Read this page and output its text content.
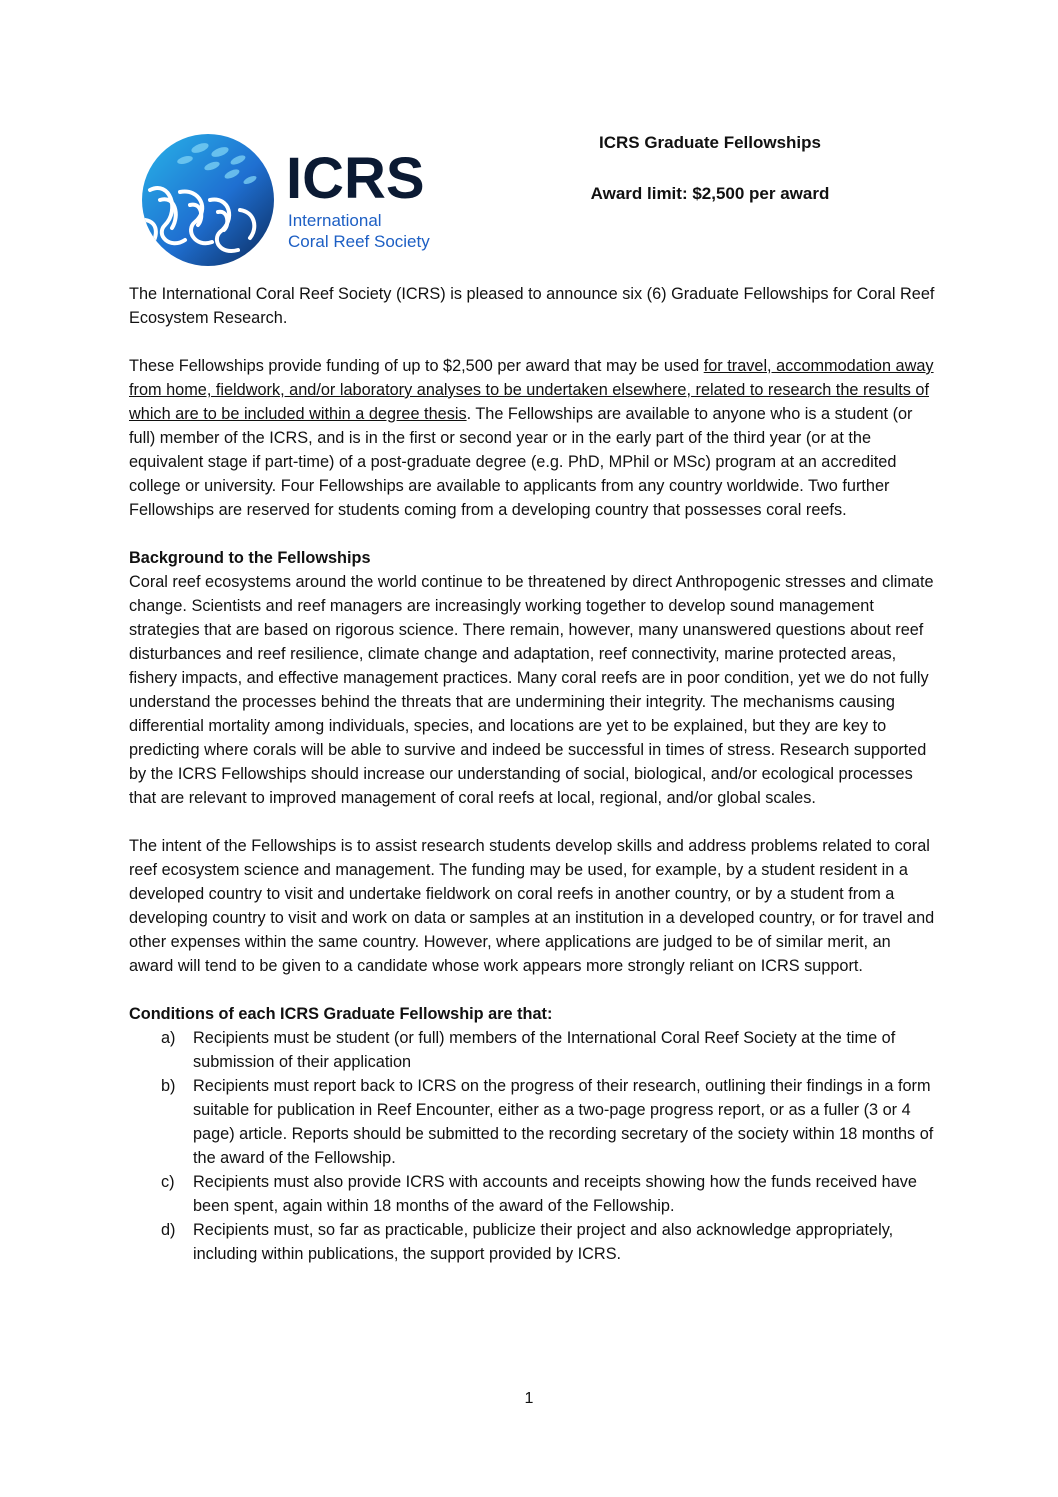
ICRS
International
Coral Reef Society
ICRS Graduate Fellowships
Award limit: $2,500 per award

The International Coral Reef Society (ICRS) is pleased to announce six (6) Graduate Fellowships for Coral Reef Ecosystem Research.

These Fellowships provide funding of up to $2,500 per award that may be used for travel, accommodation away from home, fieldwork, and/or laboratory analyses to be undertaken elsewhere, related to research the results of which are to be included within a degree thesis. The Fellowships are available to anyone who is a student (or full) member of the ICRS, and is in the first or second year or in the early part of the third year (or at the equivalent stage if part-time) of a post-graduate degree (e.g. PhD, MPhil or MSc) program at an accredited college or university. Four Fellowships are available to applicants from any country worldwide. Two further Fellowships are reserved for students coming from a developing country that possesses coral reefs.

Background to the Fellowships

Coral reef ecosystems around the world continue to be threatened by direct Anthropogenic stresses and climate change. Scientists and reef managers are increasingly working together to develop sound management strategies that are based on rigorous science. There remain, however, many unanswered questions about reef disturbances and reef resilience, climate change and adaptation, reef connectivity, marine protected areas, fishery impacts, and effective management practices. Many coral reefs are in poor condition, yet we do not fully understand the processes behind the threats that are undermining their integrity. The mechanisms causing differential mortality among individuals, species, and locations are yet to be explained, but they are key to predicting where corals will be able to survive and indeed be successful in times of stress. Research supported by the ICRS Fellowships should increase our understanding of social, biological, and/or ecological processes that are relevant to improved management of coral reefs at local, regional, and/or global scales.

The intent of the Fellowships is to assist research students develop skills and address problems related to coral reef ecosystem science and management. The funding may be used, for example, by a student resident in a developed country to visit and undertake fieldwork on coral reefs in another country, or by a student from a developing country to visit and work on data or samples at an institution in a developed country, or for travel and other expenses within the same country. However, where applications are judged to be of similar merit, an award will tend to be given to a candidate whose work appears more strongly reliant on ICRS support.

Conditions of each ICRS Graduate Fellowship are that:
a) Recipients must be student (or full) members of the International Coral Reef Society at the time of submission of their application
b) Recipients must report back to ICRS on the progress of their research, outlining their findings in a form suitable for publication in Reef Encounter, either as a two-page progress report, or as a fuller (3 or 4 page) article. Reports should be submitted to the recording secretary of the society within 18 months of the award of the Fellowship.
c) Recipients must also provide ICRS with accounts and receipts showing how the funds received have been spent, again within 18 months of the award of the Fellowship.
d) Recipients must, so far as practicable, publicize their project and also acknowledge appropriately, including within publications, the support provided by ICRS.
1
